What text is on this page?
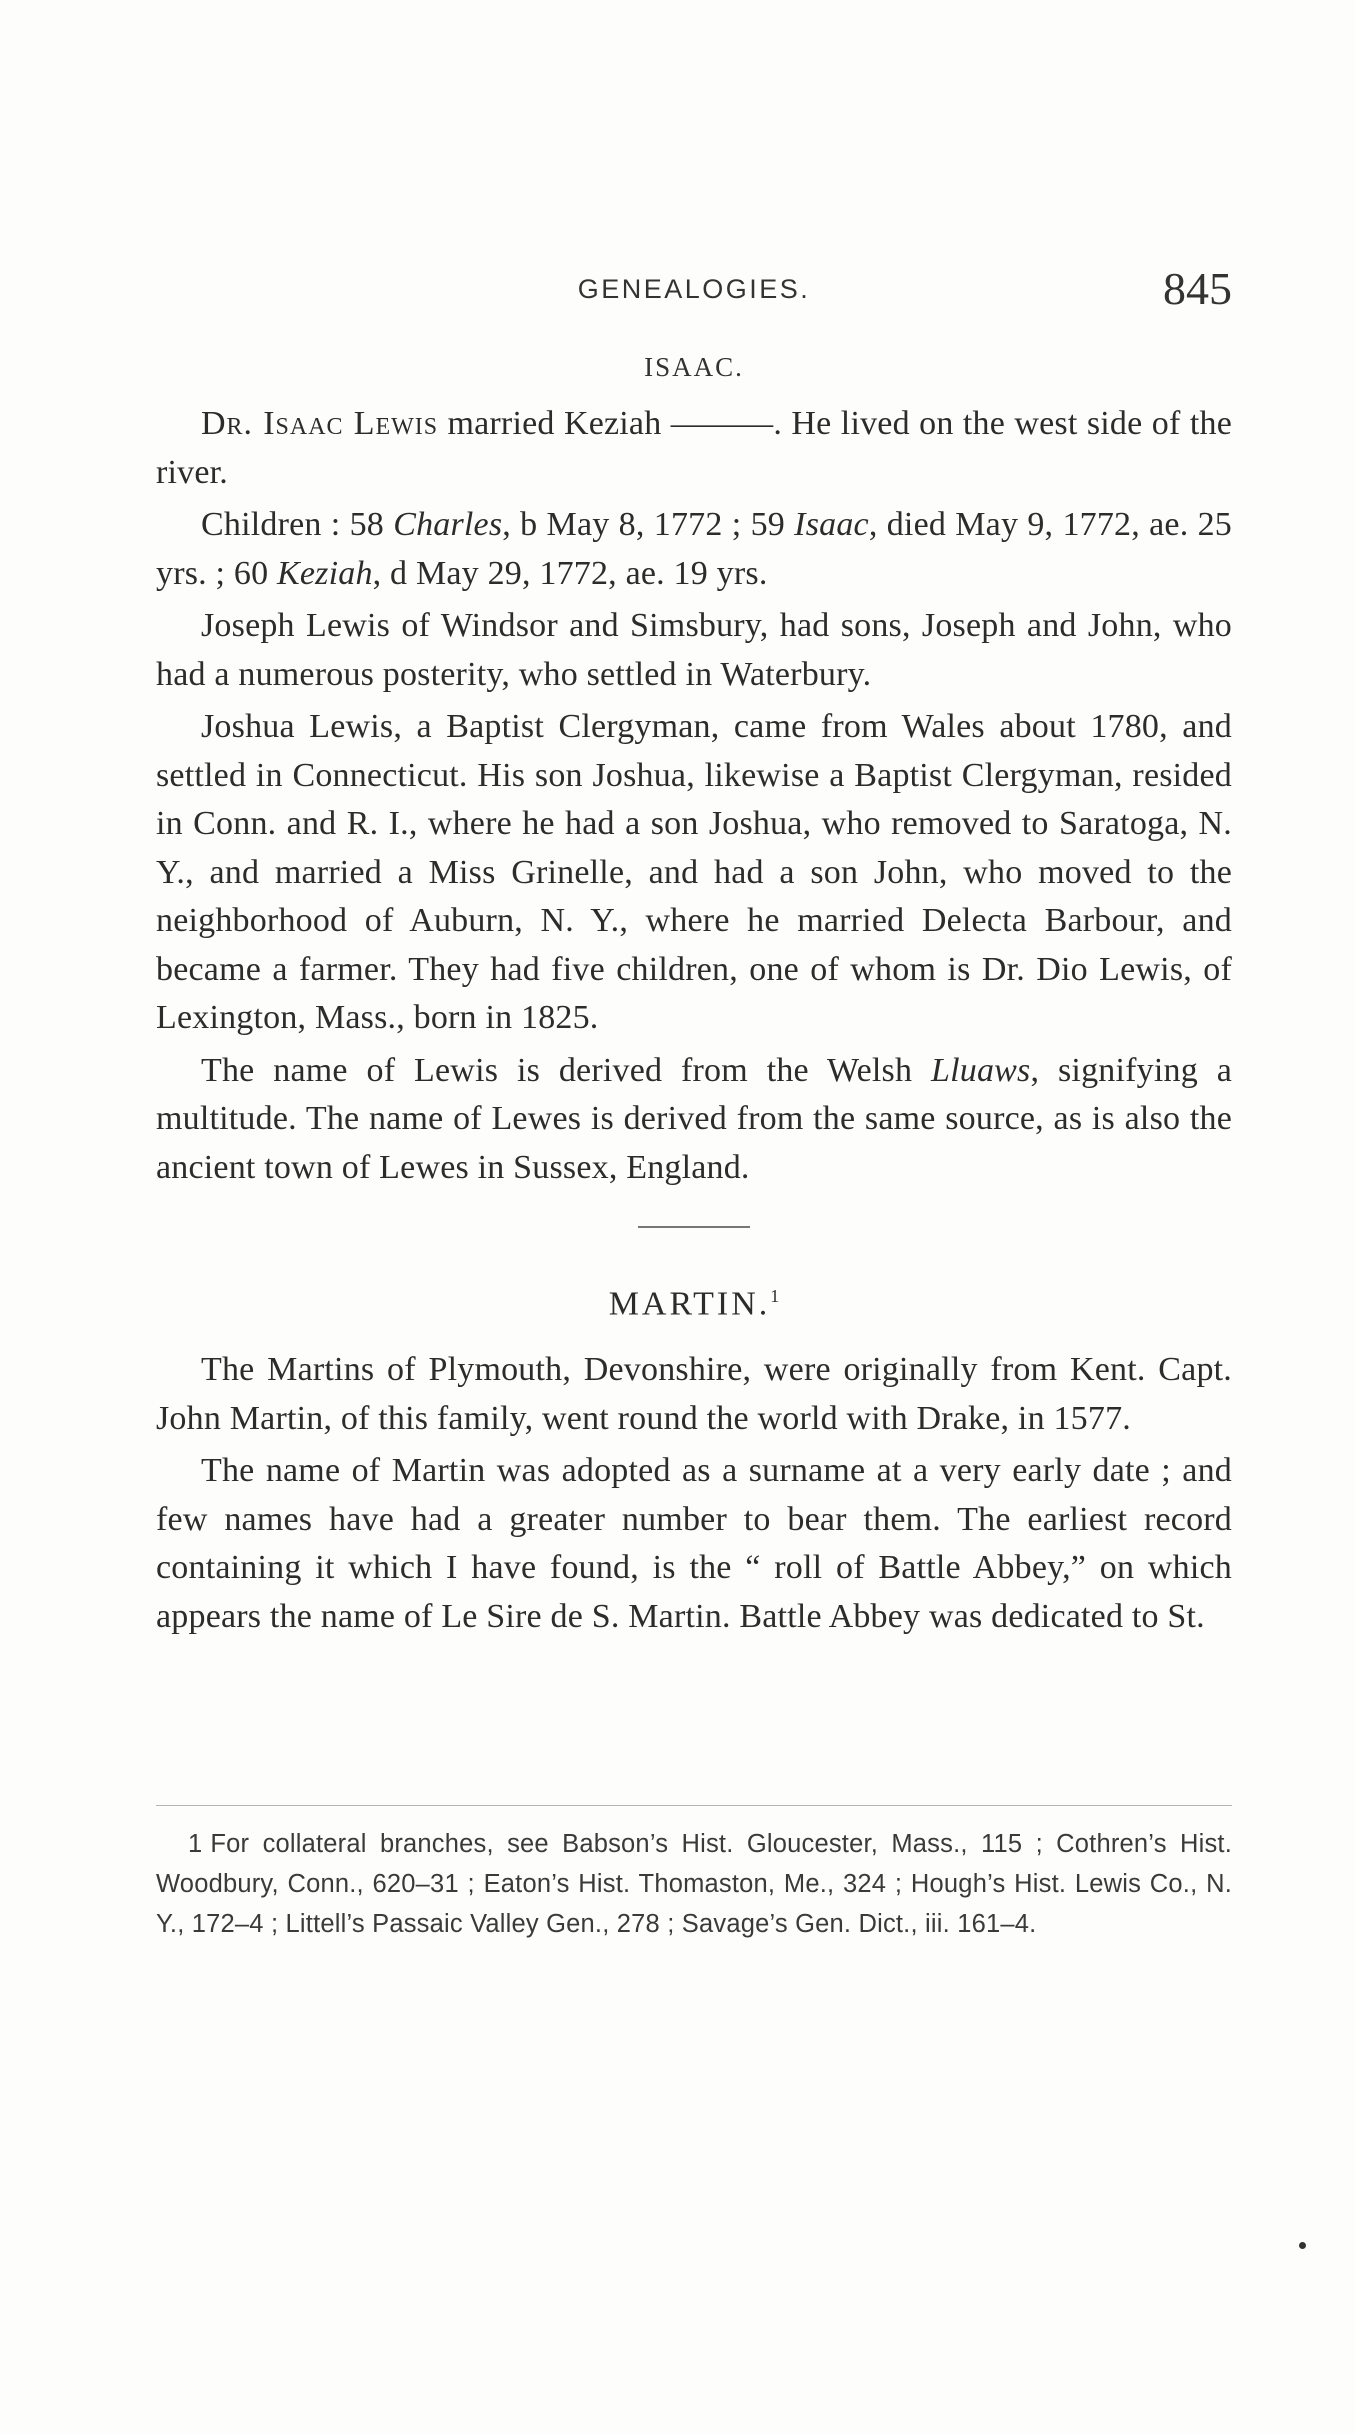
GENEALOGIES.	845
ISAAC.

Dr. Isaac Lewis married Keziah ———. He lived on the west side of the river.

Children : 58 Charles, b May 8, 1772 ; 59 Isaac, died May 9, 1772, ae. 25 yrs. ; 60 Keziah, d May 29, 1772, ae. 19 yrs.

Joseph Lewis of Windsor and Simsbury, had sons, Joseph and John, who had a numerous posterity, who settled in Waterbury.

Joshua Lewis, a Baptist Clergyman, came from Wales about 1780, and settled in Connecticut. His son Joshua, likewise a Baptist Clergyman, resided in Conn. and R. I., where he had a son Joshua, who removed to Saratoga, N. Y., and married a Miss Grinelle, and had a son John, who moved to the neighborhood of Auburn, N. Y., where he married Delecta Barbour, and became a farmer. They had five children, one of whom is Dr. Dio Lewis, of Lexington, Mass., born in 1825.

The name of Lewis is derived from the Welsh Lluaws, signifying a multitude. The name of Lewes is derived from the same source, as is also the ancient town of Lewes in Sussex, England.

MARTIN.$^1$

The Martins of Plymouth, Devonshire, were originally from Kent. Capt. John Martin, of this family, went round the world with Drake, in 1577.

The name of Martin was adopted as a surname at a very early date ; and few names have had a greater number to bear them. The earliest record containing it which I have found, is the “ roll of Battle Abbey,” on which appears the name of Le Sire de S. Martin. Battle Abbey was dedicated to St.

1 For collateral branches, see Babson’s Hist. Gloucester, Mass., 115 ; Cothren’s Hist. Woodbury, Conn., 620–31 ; Eaton’s Hist. Thomaston, Me., 324 ; Hough’s Hist. Lewis Co., N. Y., 172–4 ; Littell’s Passaic Valley Gen., 278 ; Savage’s Gen. Dict., iii. 161–4.
